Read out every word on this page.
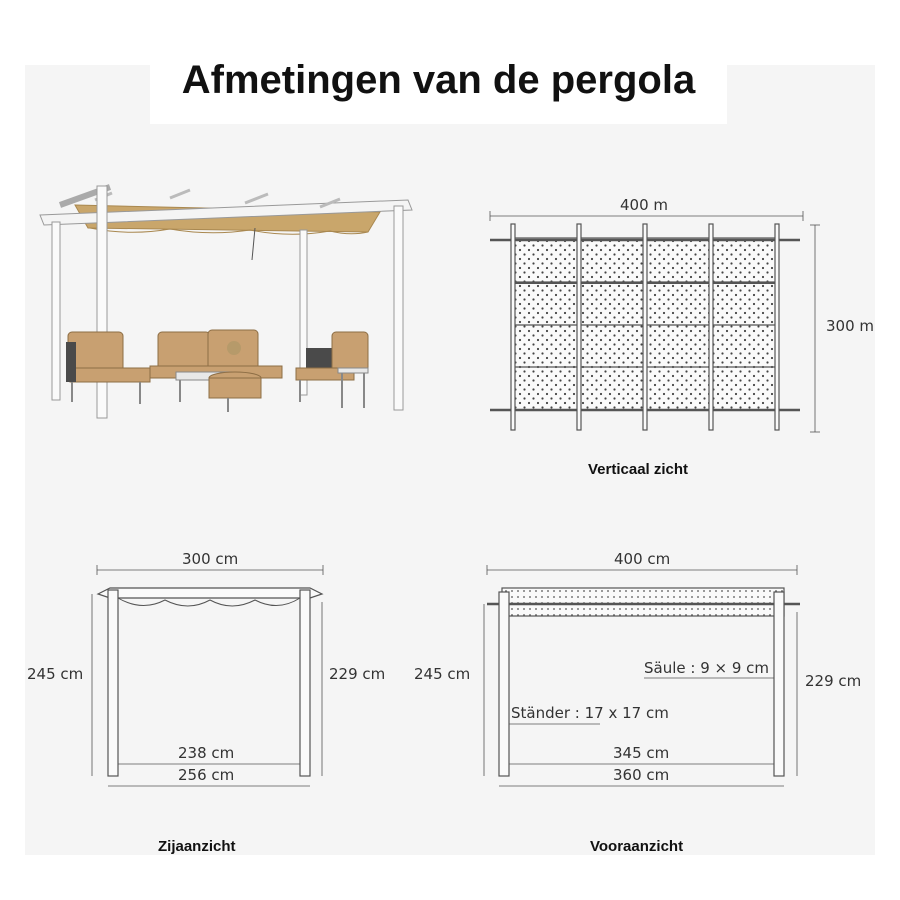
Afmetingen van de pergola
400 m
300 m
Verticaal zicht
300 cm
245 cm	229 cm
238 cm
256 cm
Zijaanzicht
400 cm
245 cm	229 cm
Säule : 9 × 9 cm
Ständer : 17 x 17 cm
345 cm
360 cm
Vooraanzicht
